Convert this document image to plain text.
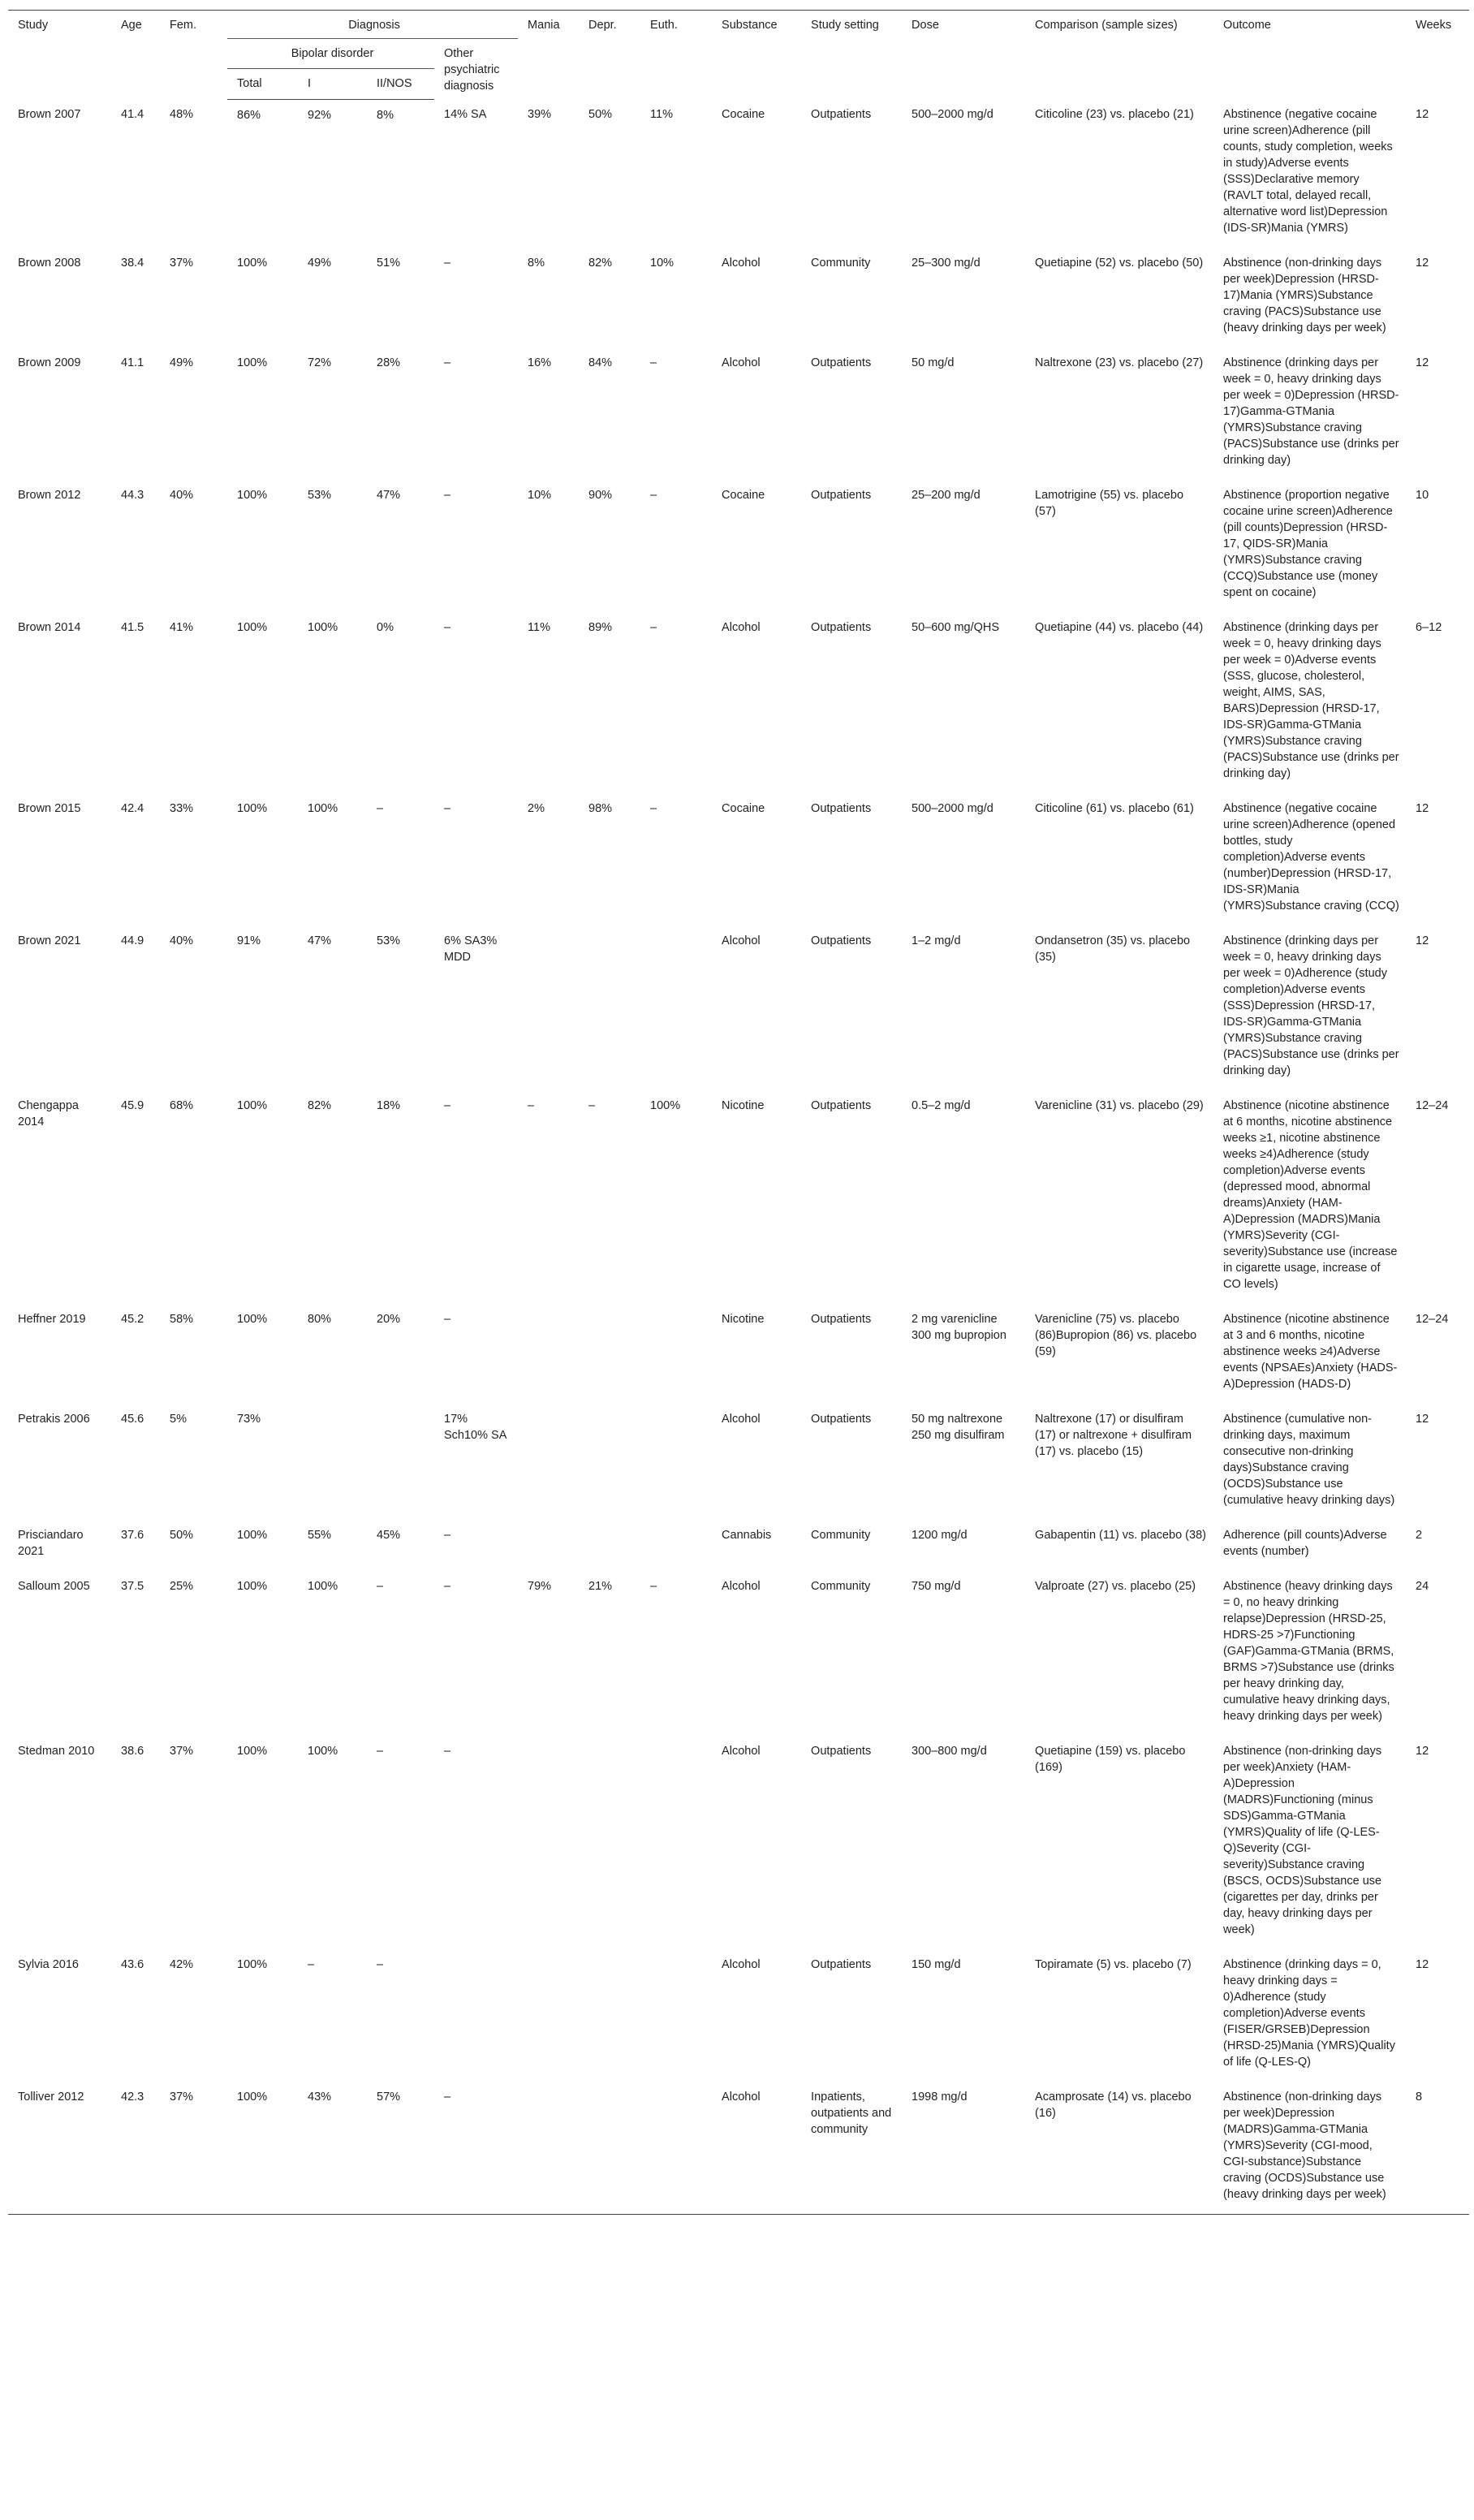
Study	Age	Fem.	Diagnosis				Mania	Depr.	Euth.	Substance	Study setting	Dose	Comparison (sample sizes)	Outcome	Weeks
			Bipolar disorder			Other psychiatric diagnosis									
			Total	I	II/NOS										
Brown 2007	41.4	48%	86%	92%	8%	14% SA	39%	50%	11%	Cocaine	Outpatients	500–2000 mg/d	Citicoline (23) vs. placebo (21)	Abstinence (negative cocaine urine screen)Adherence (pill counts, study completion, weeks in study)Adverse events (SSS)Declarative memory (RAVLT total, delayed recall, alternative word list)Depression (IDS-SR)Mania (YMRS)	12
Brown 2008	38.4	37%	100%	49%	51%	–	8%	82%	10%	Alcohol	Community	25–300 mg/d	Quetiapine (52) vs. placebo (50)	Abstinence (non-drinking days per week)Depression (HRSD-17)Mania (YMRS)Substance craving (PACS)Substance use (heavy drinking days per week)	12
Brown 2009	41.1	49%	100%	72%	28%	–	16%	84%	–	Alcohol	Outpatients	50 mg/d	Naltrexone (23) vs. placebo (27)	Abstinence (drinking days per week = 0, heavy drinking days per week = 0)Depression (HRSD-17)Gamma-GTMania (YMRS)Substance craving (PACS)Substance use (drinks per drinking day)	12
Brown 2012	44.3	40%	100%	53%	47%	–	10%	90%	–	Cocaine	Outpatients	25–200 mg/d	Lamotrigine (55) vs. placebo (57)	Abstinence (proportion negative cocaine urine screen)Adherence (pill counts)Depression (HRSD-17, QIDS-SR)Mania (YMRS)Substance craving (CCQ)Substance use (money spent on cocaine)	10
Brown 2014	41.5	41%	100%	100%	0%	–	11%	89%	–	Alcohol	Outpatients	50–600 mg/QHS	Quetiapine (44) vs. placebo (44)	Abstinence (drinking days per week = 0, heavy drinking days per week = 0)Adverse events (SSS, glucose, cholesterol, weight, AIMS, SAS, BARS)Depression (HRSD-17, IDS-SR)Gamma-GTMania (YMRS)Substance craving (PACS)Substance use (drinks per drinking day)	6–12
Brown 2015	42.4	33%	100%	100%	–	–	2%	98%	–	Cocaine	Outpatients	500–2000 mg/d	Citicoline (61) vs. placebo (61)	Abstinence (negative cocaine urine screen)Adherence (opened bottles, study completion)Adverse events (number)Depression (HRSD-17, IDS-SR)Mania (YMRS)Substance craving (CCQ)	12
Brown 2021	44.9	40%	91%	47%	53%	6% SA3% MDD				Alcohol	Outpatients	1–2 mg/d	Ondansetron (35) vs. placebo (35)	Abstinence (drinking days per week = 0, heavy drinking days per week = 0)Adherence (study completion)Adverse events (SSS)Depression (HRSD-17, IDS-SR)Gamma-GTMania (YMRS)Substance craving (PACS)Substance use (drinks per drinking day)	12
Chengappa 2014	45.9	68%	100%	82%	18%	–	–	–	100%	Nicotine	Outpatients	0.5–2 mg/d	Varenicline (31) vs. placebo (29)	Abstinence (nicotine abstinence at 6 months, nicotine abstinence weeks ≥1, nicotine abstinence weeks ≥4)Adherence (study completion)Adverse events (depressed mood, abnormal dreams)Anxiety (HAM-A)Depression (MADRS)Mania (YMRS)Severity (CGI-severity)Substance use (increase in cigarette usage, increase of CO levels)	12–24
Heffner 2019	45.2	58%	100%	80%	20%	–				Nicotine	Outpatients	2 mg varenicline 300 mg bupropion	Varenicline (75) vs. placebo (86)Bupropion (86) vs. placebo (59)	Abstinence (nicotine abstinence at 3 and 6 months, nicotine abstinence weeks ≥4)Adverse events (NPSAEs)Anxiety (HADS-A)Depression (HADS-D)	12–24
Petrakis 2006	45.6	5%	73%			17% Sch10% SA				Alcohol	Outpatients	50 mg naltrexone 250 mg disulfiram	Naltrexone (17) or disulfiram (17) or naltrexone + disulfiram (17) vs. placebo (15)	Abstinence (cumulative non-drinking days, maximum consecutive non-drinking days)Substance craving (OCDS)Substance use (cumulative heavy drinking days)	12
Prisciandaro 2021	37.6	50%	100%	55%	45%	–				Cannabis	Community	1200 mg/d	Gabapentin (11) vs. placebo (38)	Adherence (pill counts)Adverse events (number)	2
Salloum 2005	37.5	25%	100%	100%	–	–	79%	21%	–	Alcohol	Community	750 mg/d	Valproate (27) vs. placebo (25)	Abstinence (heavy drinking days = 0, no heavy drinking relapse)Depression (HRSD-25, HDRS-25 >7)Functioning (GAF)Gamma-GTMania (BRMS, BRMS >7)Substance use (drinks per heavy drinking day, cumulative heavy drinking days, heavy drinking days per week)	24
Stedman 2010	38.6	37%	100%	100%	–	–				Alcohol	Outpatients	300–800 mg/d	Quetiapine (159) vs. placebo (169)	Abstinence (non-drinking days per week)Anxiety (HAM-A)Depression (MADRS)Functioning (minus SDS)Gamma-GTMania (YMRS)Quality of life (Q-LES-Q)Severity (CGI-severity)Substance craving (BSCS, OCDS)Substance use (cigarettes per day, drinks per day, heavy drinking days per week)	12
Sylvia 2016	43.6	42%	100%	–	–					Alcohol	Outpatients	150 mg/d	Topiramate (5) vs. placebo (7)	Abstinence (drinking days = 0, heavy drinking days = 0)Adherence (study completion)Adverse events (FISER/GRSEB)Depression (HRSD-25)Mania (YMRS)Quality of life (Q-LES-Q)	12
Tolliver 2012	42.3	37%	100%	43%	57%	–				Alcohol	Inpatients, outpatients and community	1998 mg/d	Acamprosate (14) vs. placebo (16)	Abstinence (non-drinking days per week)Depression (MADRS)Gamma-GTMania (YMRS)Severity (CGI-mood, CGI-substance)Substance craving (OCDS)Substance use (heavy drinking days per week)	8
